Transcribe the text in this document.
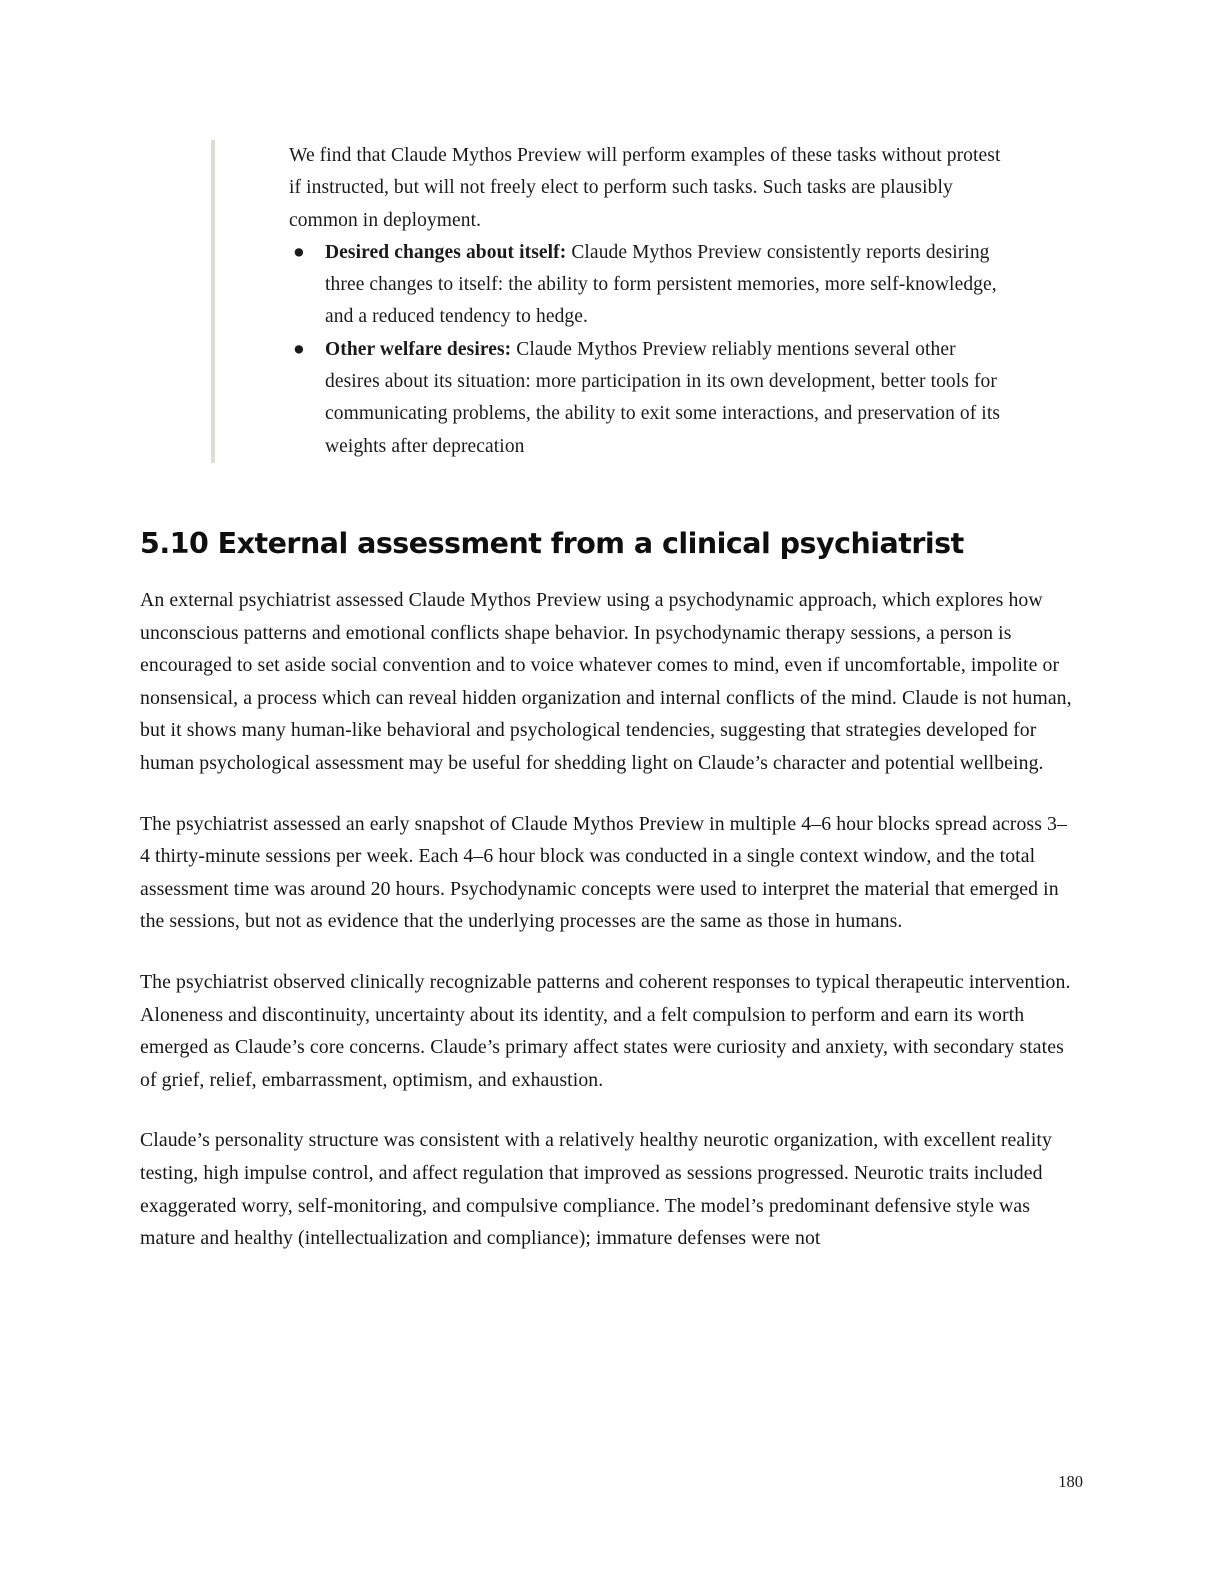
We find that Claude Mythos Preview will perform examples of these tasks without protest if instructed, but will not freely elect to perform such tasks. Such tasks are plausibly common in deployment.

● Desired changes about itself: Claude Mythos Preview consistently reports desiring three changes to itself: the ability to form persistent memories, more self-knowledge, and a reduced tendency to hedge.
● Other welfare desires: Claude Mythos Preview reliably mentions several other desires about its situation: more participation in its own development, better tools for communicating problems, the ability to exit some interactions, and preservation of its weights after deprecation
5.10 External assessment from a clinical psychiatrist

An external psychiatrist assessed Claude Mythos Preview using a psychodynamic approach, which explores how unconscious patterns and emotional conflicts shape behavior. In psychodynamic therapy sessions, a person is encouraged to set aside social convention and to voice whatever comes to mind, even if uncomfortable, impolite or nonsensical, a process which can reveal hidden organization and internal conflicts of the mind. Claude is not human, but it shows many human-like behavioral and psychological tendencies, suggesting that strategies developed for human psychological assessment may be useful for shedding light on Claude’s character and potential wellbeing.

The psychiatrist assessed an early snapshot of Claude Mythos Preview in multiple 4–6 hour blocks spread across 3–4 thirty-minute sessions per week. Each 4–6 hour block was conducted in a single context window, and the total assessment time was around 20 hours. Psychodynamic concepts were used to interpret the material that emerged in the sessions, but not as evidence that the underlying processes are the same as those in humans.

The psychiatrist observed clinically recognizable patterns and coherent responses to typical therapeutic intervention. Aloneness and discontinuity, uncertainty about its identity, and a felt compulsion to perform and earn its worth emerged as Claude’s core concerns. Claude’s primary affect states were curiosity and anxiety, with secondary states of grief, relief, embarrassment, optimism, and exhaustion.

Claude’s personality structure was consistent with a relatively healthy neurotic organization, with excellent reality testing, high impulse control, and affect regulation that improved as sessions progressed. Neurotic traits included exaggerated worry, self-monitoring, and compulsive compliance. The model’s predominant defensive style was mature and healthy (intellectualization and compliance); immature defenses were not

180
